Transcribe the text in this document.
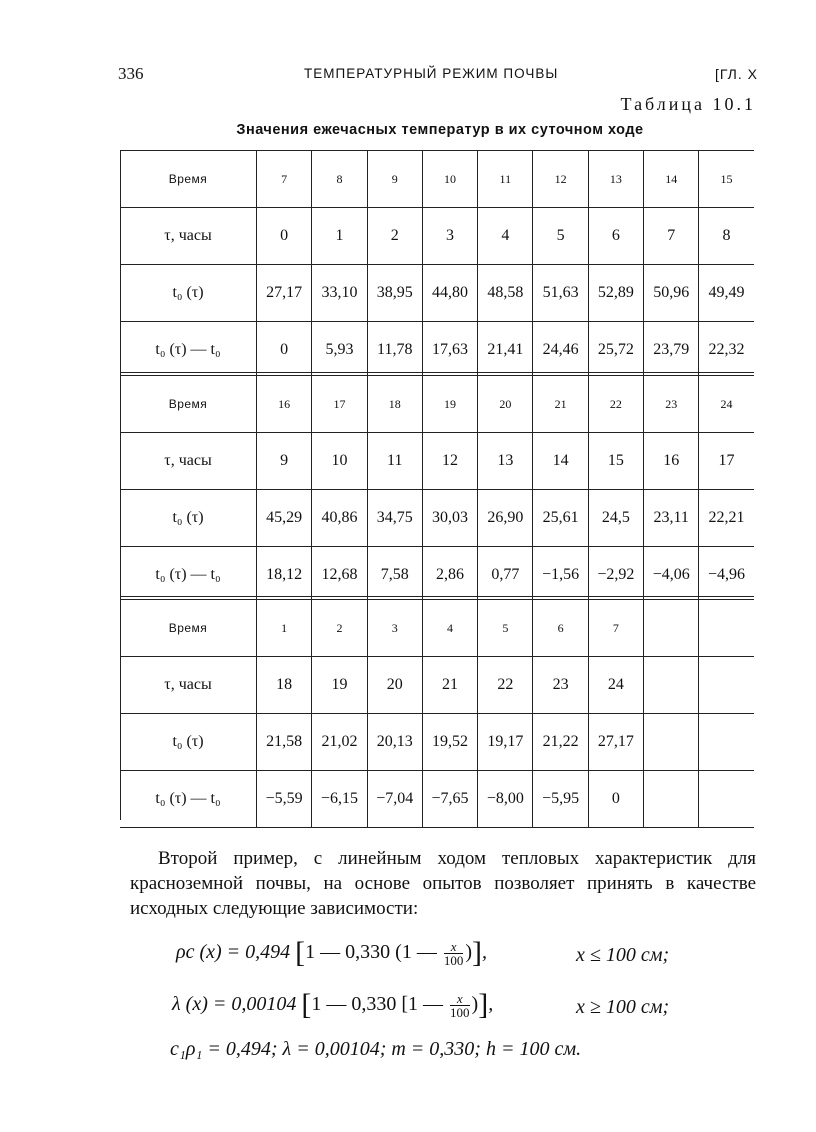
336	ТЕМПЕРАТУРНЫЙ РЕЖИМ ПОЧВЫ	[ГЛ. X
Таблица 10.1
Значения ежечасных температур в их суточном ходе
Время	7	8	9	10	11	12	13	14	15
τ, часы	0	1	2	3	4	5	6	7	8
t₀ (τ)	27,17	33,10	38,95	44,80	48,58	51,63	52,89	50,96	49,49
t₀ (τ) — t₀	0	5,93	11,78	17,63	21,41	24,46	25,72	23,79	22,32
Время	16	17	18	19	20	21	22	23	24
τ, часы	9	10	11	12	13	14	15	16	17
t₀ (τ)	45,29	40,86	34,75	30,03	26,90	25,61	24,5	23,11	22,21
t₀ (τ) — t₀	18,12	12,68	7,58	2,86	0,77	−1,56	−2,92	−4,06	−4,96
Время	1	2	3	4	5	6	7
τ, часы	18	19	20	21	22	23	24
t₀ (τ)	21,58	21,02	20,13	19,52	19,17	21,22	27,17
t₀ (τ) — t₀	−5,59	−6,15	−7,04	−7,65	−8,00	−5,95	0
Второй пример, с линейным ходом тепловых характеристик для красноземной почвы, на основе опытов позволяет принять в качестве исходных следующие зависимости:
ρc (x) = 0,494 [1 — 0,330 (1 — $\frac{x}{100}$ )],	x ≤ 100 см;
λ (x) = 0,00104 [1 — 0,330 [1 — $\frac{x}{100}$ )],	x ≥ 100 см;
c₁ρ₁ = 0,494; λ = 0,00104; m = 0,330; h = 100 см.
